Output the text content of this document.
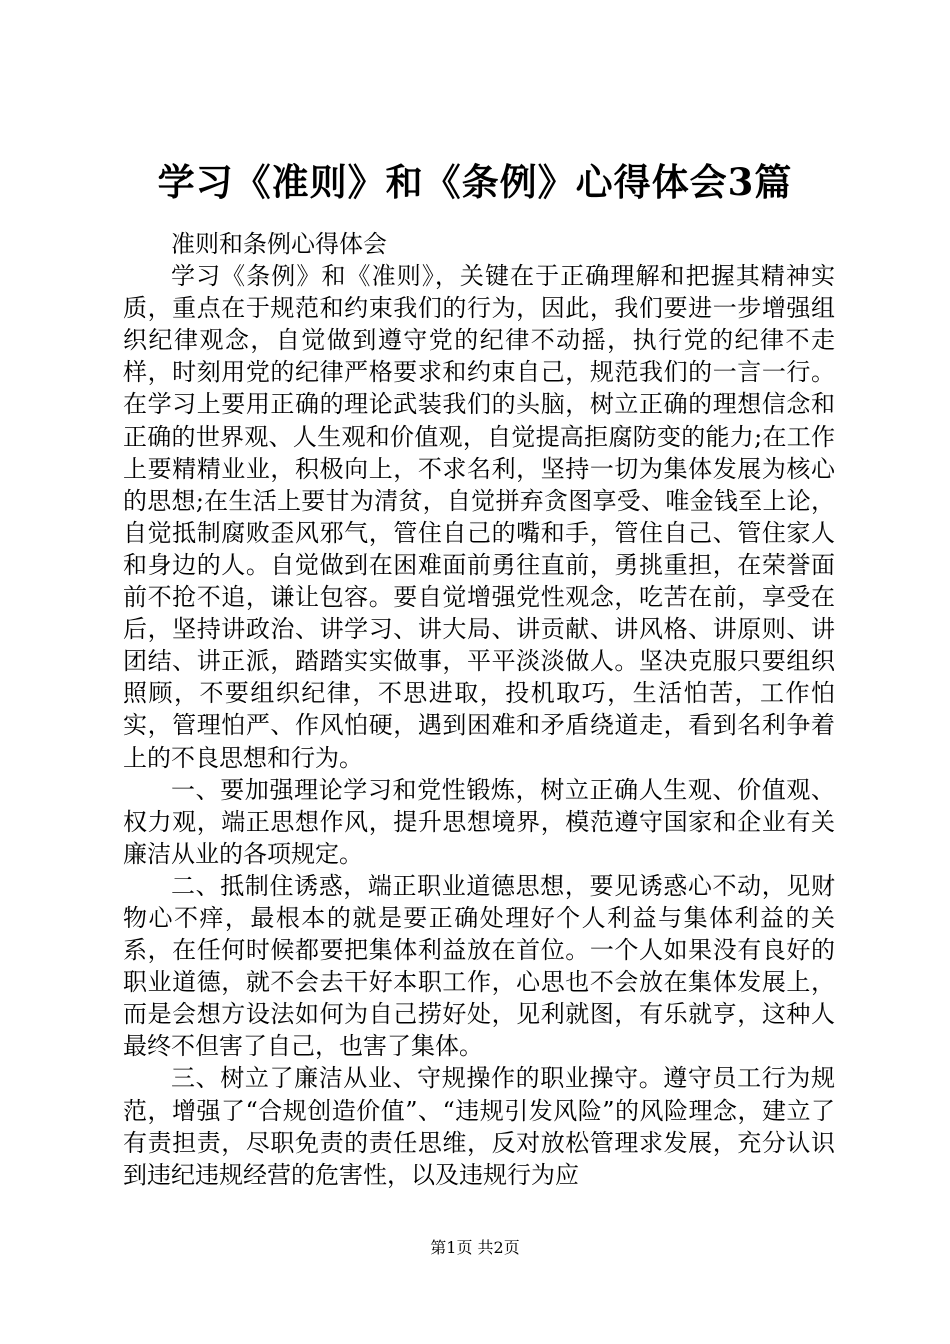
学习《准则》和《条例》心得体会3篇

准则和条例心得体会

学习《条例》和《准则》，关键在于正确理解和把握其精神实质，重点在于规范和约束我们的行为，因此，我们要进一步增强组织纪律观念，自觉做到遵守党的纪律不动摇，执行党的纪律不走样，时刻用党的纪律严格要求和约束自己，规范我们的一言一行。在学习上要用正确的理论武装我们的头脑，树立正确的理想信念和正确的世界观、人生观和价值观，自觉提高拒腐防变的能力;在工作上要精精业业，积极向上，不求名利，坚持一切为集体发展为核心的思想;在生活上要甘为清贫，自觉拼弃贪图享受、唯金钱至上论，自觉抵制腐败歪风邪气，管住自己的嘴和手，管住自己、管住家人和身边的人。自觉做到在困难面前勇往直前，勇挑重担，在荣誉面前不抢不追，谦让包容。要自觉增强党性观念，吃苦在前，享受在后，坚持讲政治、讲学习、讲大局、讲贡献、讲风格、讲原则、讲团结、讲正派，踏踏实实做事，平平淡淡做人。坚决克服只要组织照顾，不要组织纪律，不思进取，投机取巧，生活怕苦，工作怕实，管理怕严、作风怕硬，遇到困难和矛盾绕道走，看到名利争着上的不良思想和行为。

一、要加强理论学习和党性锻炼，树立正确人生观、价值观、权力观，端正思想作风，提升思想境界，模范遵守国家和企业有关廉洁从业的各项规定。

二、抵制住诱惑，端正职业道德思想，要见诱惑心不动，见财物心不痒，最根本的就是要正确处理好个人利益与集体利益的关系，在任何时候都要把集体利益放在首位。一个人如果没有良好的职业道德，就不会去干好本职工作，心思也不会放在集体发展上，而是会想方设法如何为自己捞好处，见利就图，有乐就亨，这种人最终不但害了自己，也害了集体。

三、树立了廉洁从业、守规操作的职业操守。遵守员工行为规范，增强了“合规创造价值”、“违规引发风险”的风险理念，建立了有责担责，尽职免责的责任思维，反对放松管理求发展，充分认识到违纪违规经营的危害性，以及违规行为应

第1页 共2页
